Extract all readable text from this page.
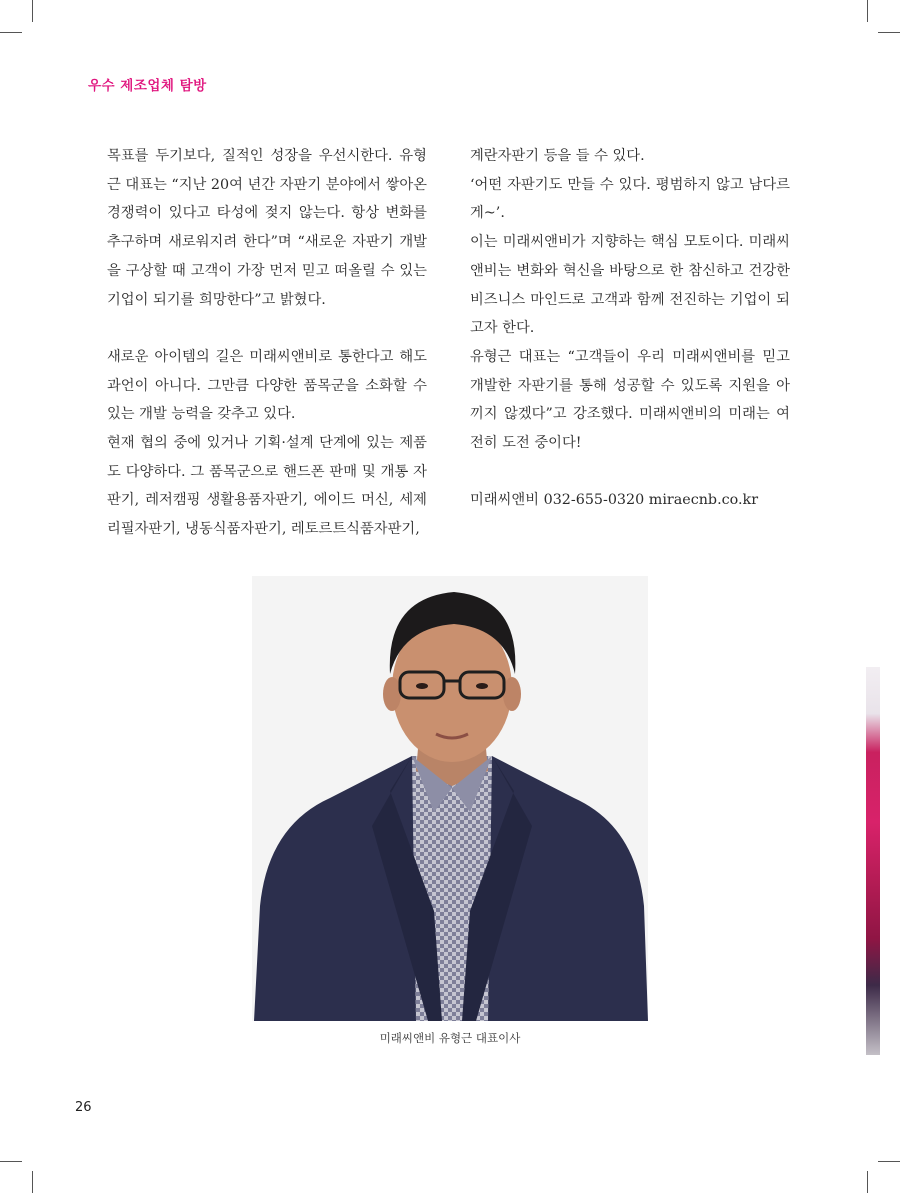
우수 제조업체 탐방

목표를 두기보다, 질적인 성장을 우선시한다. 유형근 대표는 “지난 20여 년간 자판기 분야에서 쌓아온 경쟁력이 있다고 타성에 젖지 않는다. 항상 변화를 추구하며 새로워지려 한다”며 “새로운 자판기 개발을 구상할 때 고객이 가장 먼저 믿고 떠올릴 수 있는 기업이 되기를 희망한다”고 밝혔다.

새로운 아이템의 길은 미래씨앤비로 통한다고 해도 과언이 아니다. 그만큼 다양한 품목군을 소화할 수 있는 개발 능력을 갖추고 있다.

현재 협의 중에 있거나 기획·설계 단계에 있는 제품도 다양하다. 그 품목군으로 핸드폰 판매 및 개통 자판기, 레저캠핑 생활용품자판기, 에이드 머신, 세제 리필자판기, 냉동식품자판기, 레토르트식품자판기,

계란자판기 등을 들 수 있다.

‘어떤 자판기도 만들 수 있다. 평범하지 않고 남다르게~’.

이는 미래씨앤비가 지향하는 핵심 모토이다. 미래씨앤비는 변화와 혁신을 바탕으로 한 참신하고 건강한 비즈니스 마인드로 고객과 함께 전진하는 기업이 되고자 한다.

유형근 대표는 “고객들이 우리 미래씨앤비를 믿고 개발한 자판기를 통해 성공할 수 있도록 지원을 아끼지 않겠다”고 강조했다. 미래씨앤비의 미래는 여전히 도전 중이다!

미래씨앤비 032-655-0320 miraecnb.co.kr

미래씨앤비 유형근 대표이사
26
